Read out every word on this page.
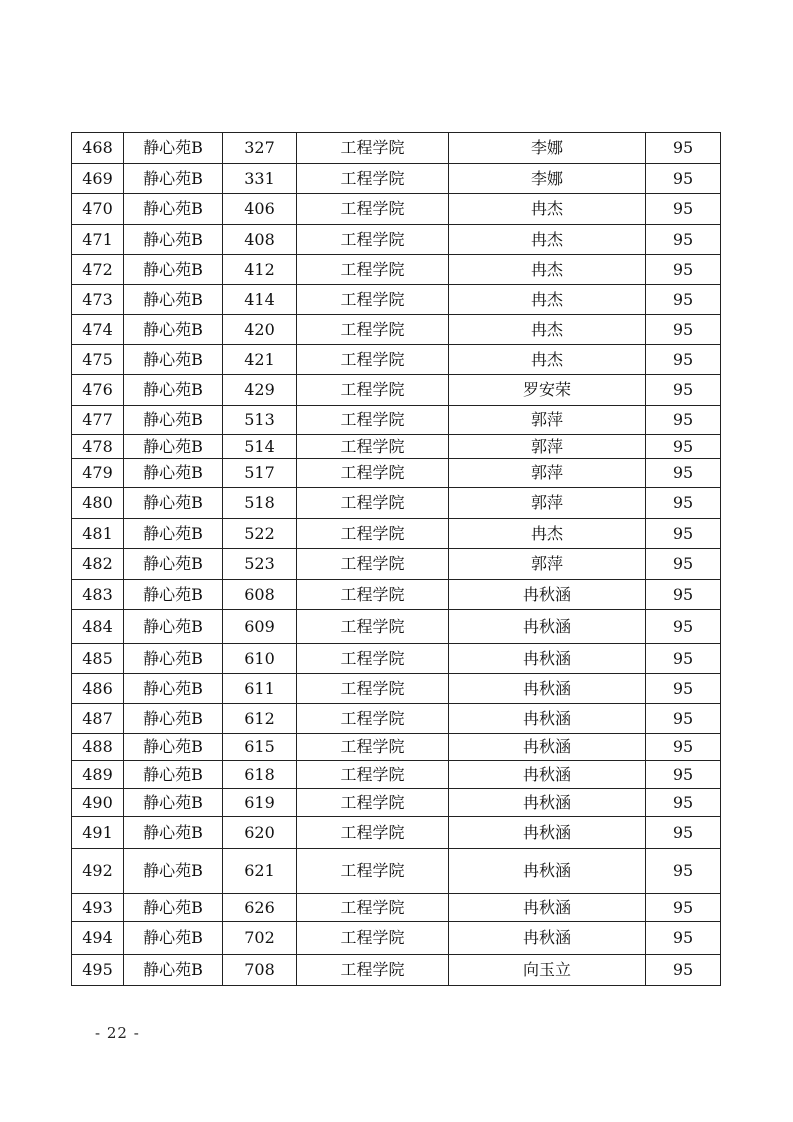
468	静心苑B	327	工程学院	李娜	95
469	静心苑B	331	工程学院	李娜	95
470	静心苑B	406	工程学院	冉杰	95
471	静心苑B	408	工程学院	冉杰	95
472	静心苑B	412	工程学院	冉杰	95
473	静心苑B	414	工程学院	冉杰	95
474	静心苑B	420	工程学院	冉杰	95
475	静心苑B	421	工程学院	冉杰	95
476	静心苑B	429	工程学院	罗安荣	95
477	静心苑B	513	工程学院	郭萍	95
478	静心苑B	514	工程学院	郭萍	95
479	静心苑B	517	工程学院	郭萍	95
480	静心苑B	518	工程学院	郭萍	95
481	静心苑B	522	工程学院	冉杰	95
482	静心苑B	523	工程学院	郭萍	95
483	静心苑B	608	工程学院	冉秋涵	95
484	静心苑B	609	工程学院	冉秋涵	95
485	静心苑B	610	工程学院	冉秋涵	95
486	静心苑B	611	工程学院	冉秋涵	95
487	静心苑B	612	工程学院	冉秋涵	95
488	静心苑B	615	工程学院	冉秋涵	95
489	静心苑B	618	工程学院	冉秋涵	95
490	静心苑B	619	工程学院	冉秋涵	95
491	静心苑B	620	工程学院	冉秋涵	95
492	静心苑B	621	工程学院	冉秋涵	95
493	静心苑B	626	工程学院	冉秋涵	95
494	静心苑B	702	工程学院	冉秋涵	95
495	静心苑B	708	工程学院	向玉立	95
- 22 -
